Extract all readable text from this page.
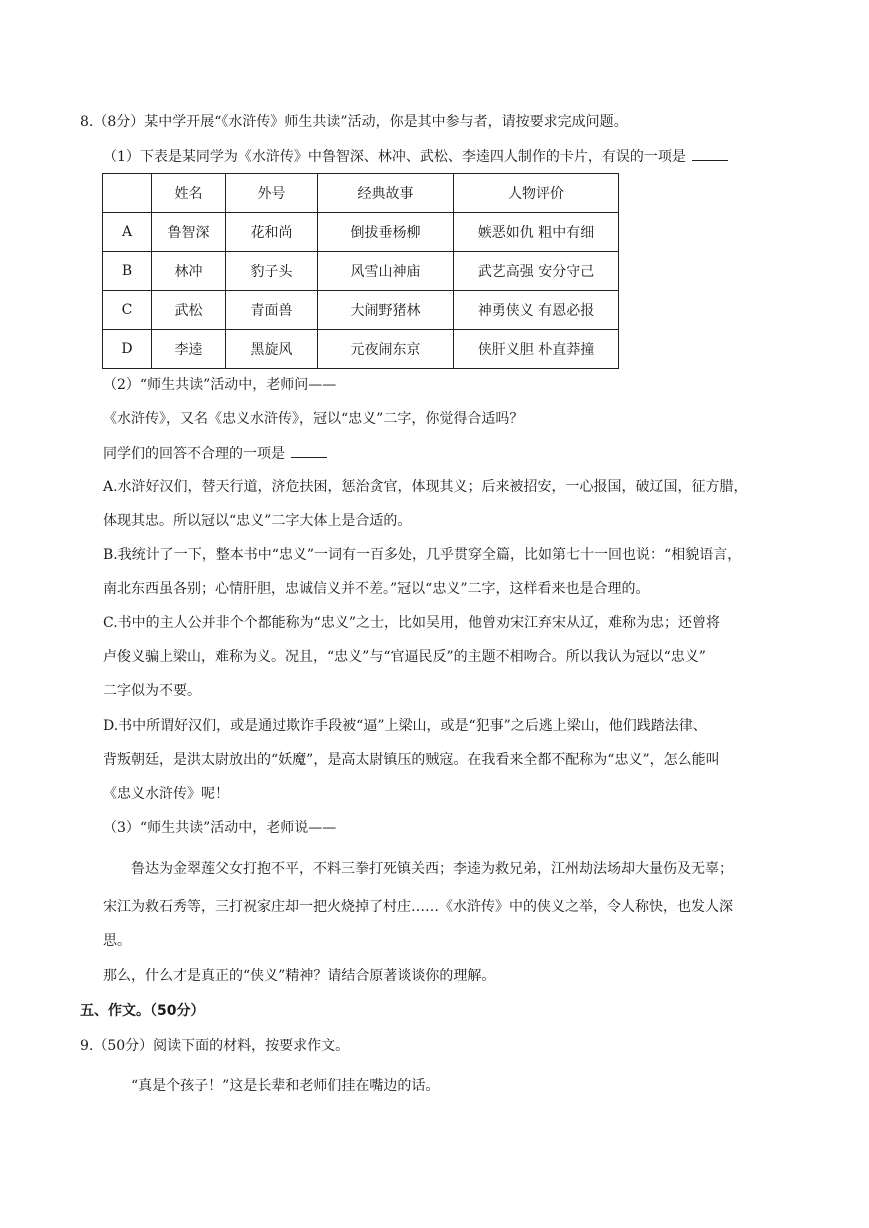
8.（8分）某中学开展“《水浒传》师生共读”活动，你是其中参与者，请按要求完成问题。
（1）下表是某同学为《水浒传》中鲁智深、林冲、武松、李逵四人制作的卡片，有误的一项是
	姓名	外号	经典故事	人物评价
A	鲁智深	花和尚	倒拔垂杨柳	嫉恶如仇 粗中有细
B	林冲	豹子头	风雪山神庙	武艺高强 安分守己
C	武松	青面兽	大闹野猪林	神勇侠义 有恩必报
D	李逵	黑旋风	元夜闹东京	侠肝义胆 朴直莽撞
（2）“师生共读”活动中，老师问——
《水浒传》，又名《忠义水浒传》，冠以“忠义”二字，你觉得合适吗？
同学们的回答不合理的一项是
A.水浒好汉们，替天行道，济危扶困，惩治贪官，体现其义；后来被招安，一心报国，破辽国，征方腊，
体现其忠。所以冠以“忠义”二字大体上是合适的。
B.我统计了一下，整本书中“忠义”一词有一百多处，几乎贯穿全篇，比如第七十一回也说：“相貌语言，
南北东西虽各别；心情肝胆，忠诚信义并不差。”冠以“忠义”二字，这样看来也是合理的。
C.书中的主人公并非个个都能称为“忠义”之士，比如吴用，他曾劝宋江弃宋从辽，难称为忠；还曾将
卢俊义骗上梁山，难称为义。况且，“忠义”与“官逼民反”的主题不相吻合。所以我认为冠以“忠义”
二字似为不要。
D.书中所谓好汉们，或是通过欺诈手段被“逼”上梁山，或是“犯事”之后逃上梁山，他们践踏法律、
背叛朝廷，是洪太尉放出的“妖魔”，是高太尉镇压的贼寇。在我看来全都不配称为“忠义”，怎么能叫
《忠义水浒传》呢！
（3）“师生共读”活动中，老师说——
鲁达为金翠莲父女打抱不平，不料三拳打死镇关西；李逵为救兄弟，江州劫法场却大量伤及无辜；
宋江为救石秀等，三打祝家庄却一把火烧掉了村庄……《水浒传》中的侠义之举，令人称快，也发人深
思。
那么，什么才是真正的“侠义”精神？请结合原著谈谈你的理解。
五、作文。（50分）
9.（50分）阅读下面的材料，按要求作文。
“真是个孩子！”这是长辈和老师们挂在嘴边的话。
